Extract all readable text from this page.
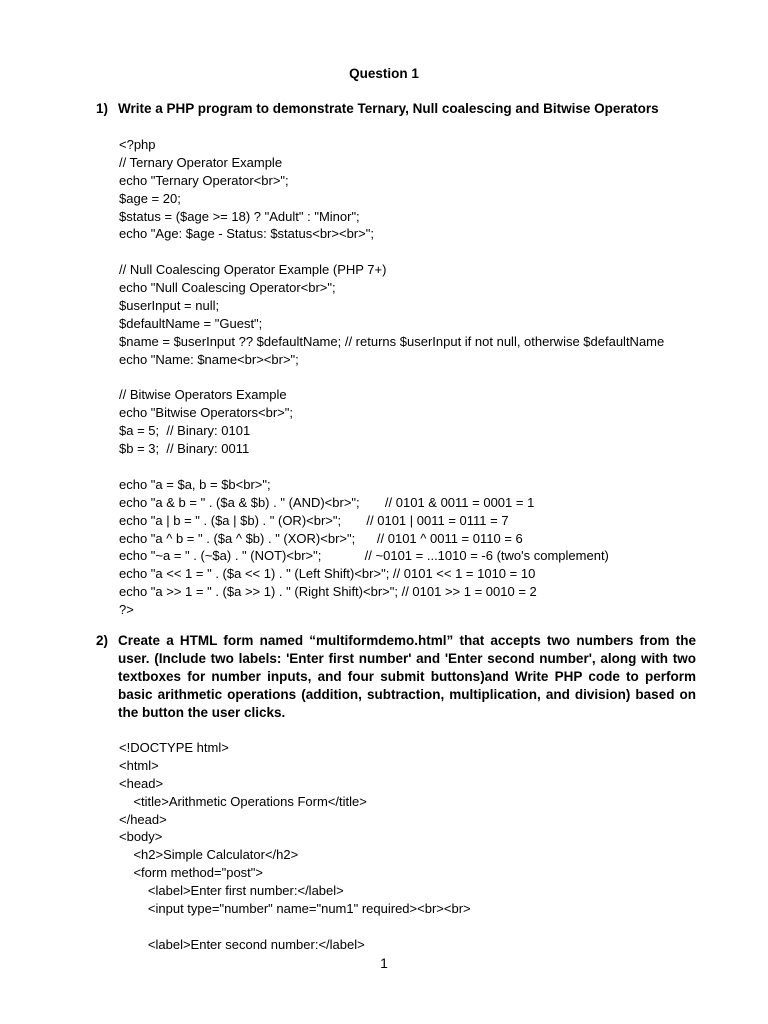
Question 1
1) Write a PHP program to demonstrate Ternary, Null coalescing and Bitwise Operators
<?php
// Ternary Operator Example
echo "Ternary Operator<br>";
$age = 20;
$status = ($age >= 18) ? "Adult" : "Minor";
echo "Age: $age - Status: $status<br><br>";
// Null Coalescing Operator Example (PHP 7+)
echo "Null Coalescing Operator<br>";
$userInput = null;
$defaultName = "Guest";
$name = $userInput ?? $defaultName; // returns $userInput if not null, otherwise $defaultName
echo "Name: $name<br><br>";
// Bitwise Operators Example
echo "Bitwise Operators<br>";
$a = 5;  // Binary: 0101
$b = 3;  // Binary: 0011
echo "a = $a, b = $b<br>";
echo "a & b = " . ($a & $b) . " (AND)<br>";       // 0101 & 0011 = 0001 = 1
echo "a | b = " . ($a | $b) . " (OR)<br>";       // 0101 | 0011 = 0111 = 7
echo "a ^ b = " . ($a ^ $b) . " (XOR)<br>";      // 0101 ^ 0011 = 0110 = 6
echo "~a = " . (~$a) . " (NOT)<br>";            // ~0101 = ...1010 = -6 (two's complement)
echo "a << 1 = " . ($a << 1) . " (Left Shift)<br>"; // 0101 << 1 = 1010 = 10
echo "a >> 1 = " . ($a >> 1) . " (Right Shift)<br>"; // 0101 >> 1 = 0010 = 2
?>
2) Create a HTML form named “multiformdemo.html” that accepts two numbers from the user. (Include two labels: 'Enter first number' and 'Enter second number', along with two textboxes for number inputs, and four submit buttons)and Write PHP code to perform basic arithmetic operations (addition, subtraction, multiplication, and division) based on the button the user clicks.
<!DOCTYPE html>
<html>
<head>
<title>Arithmetic Operations Form</title>
</head>
<body>
<h2>Simple Calculator</h2>
<form method="post">
<label>Enter first number:</label>
<input type="number" name="num1" required><br><br>
<label>Enter second number:</label>
1
